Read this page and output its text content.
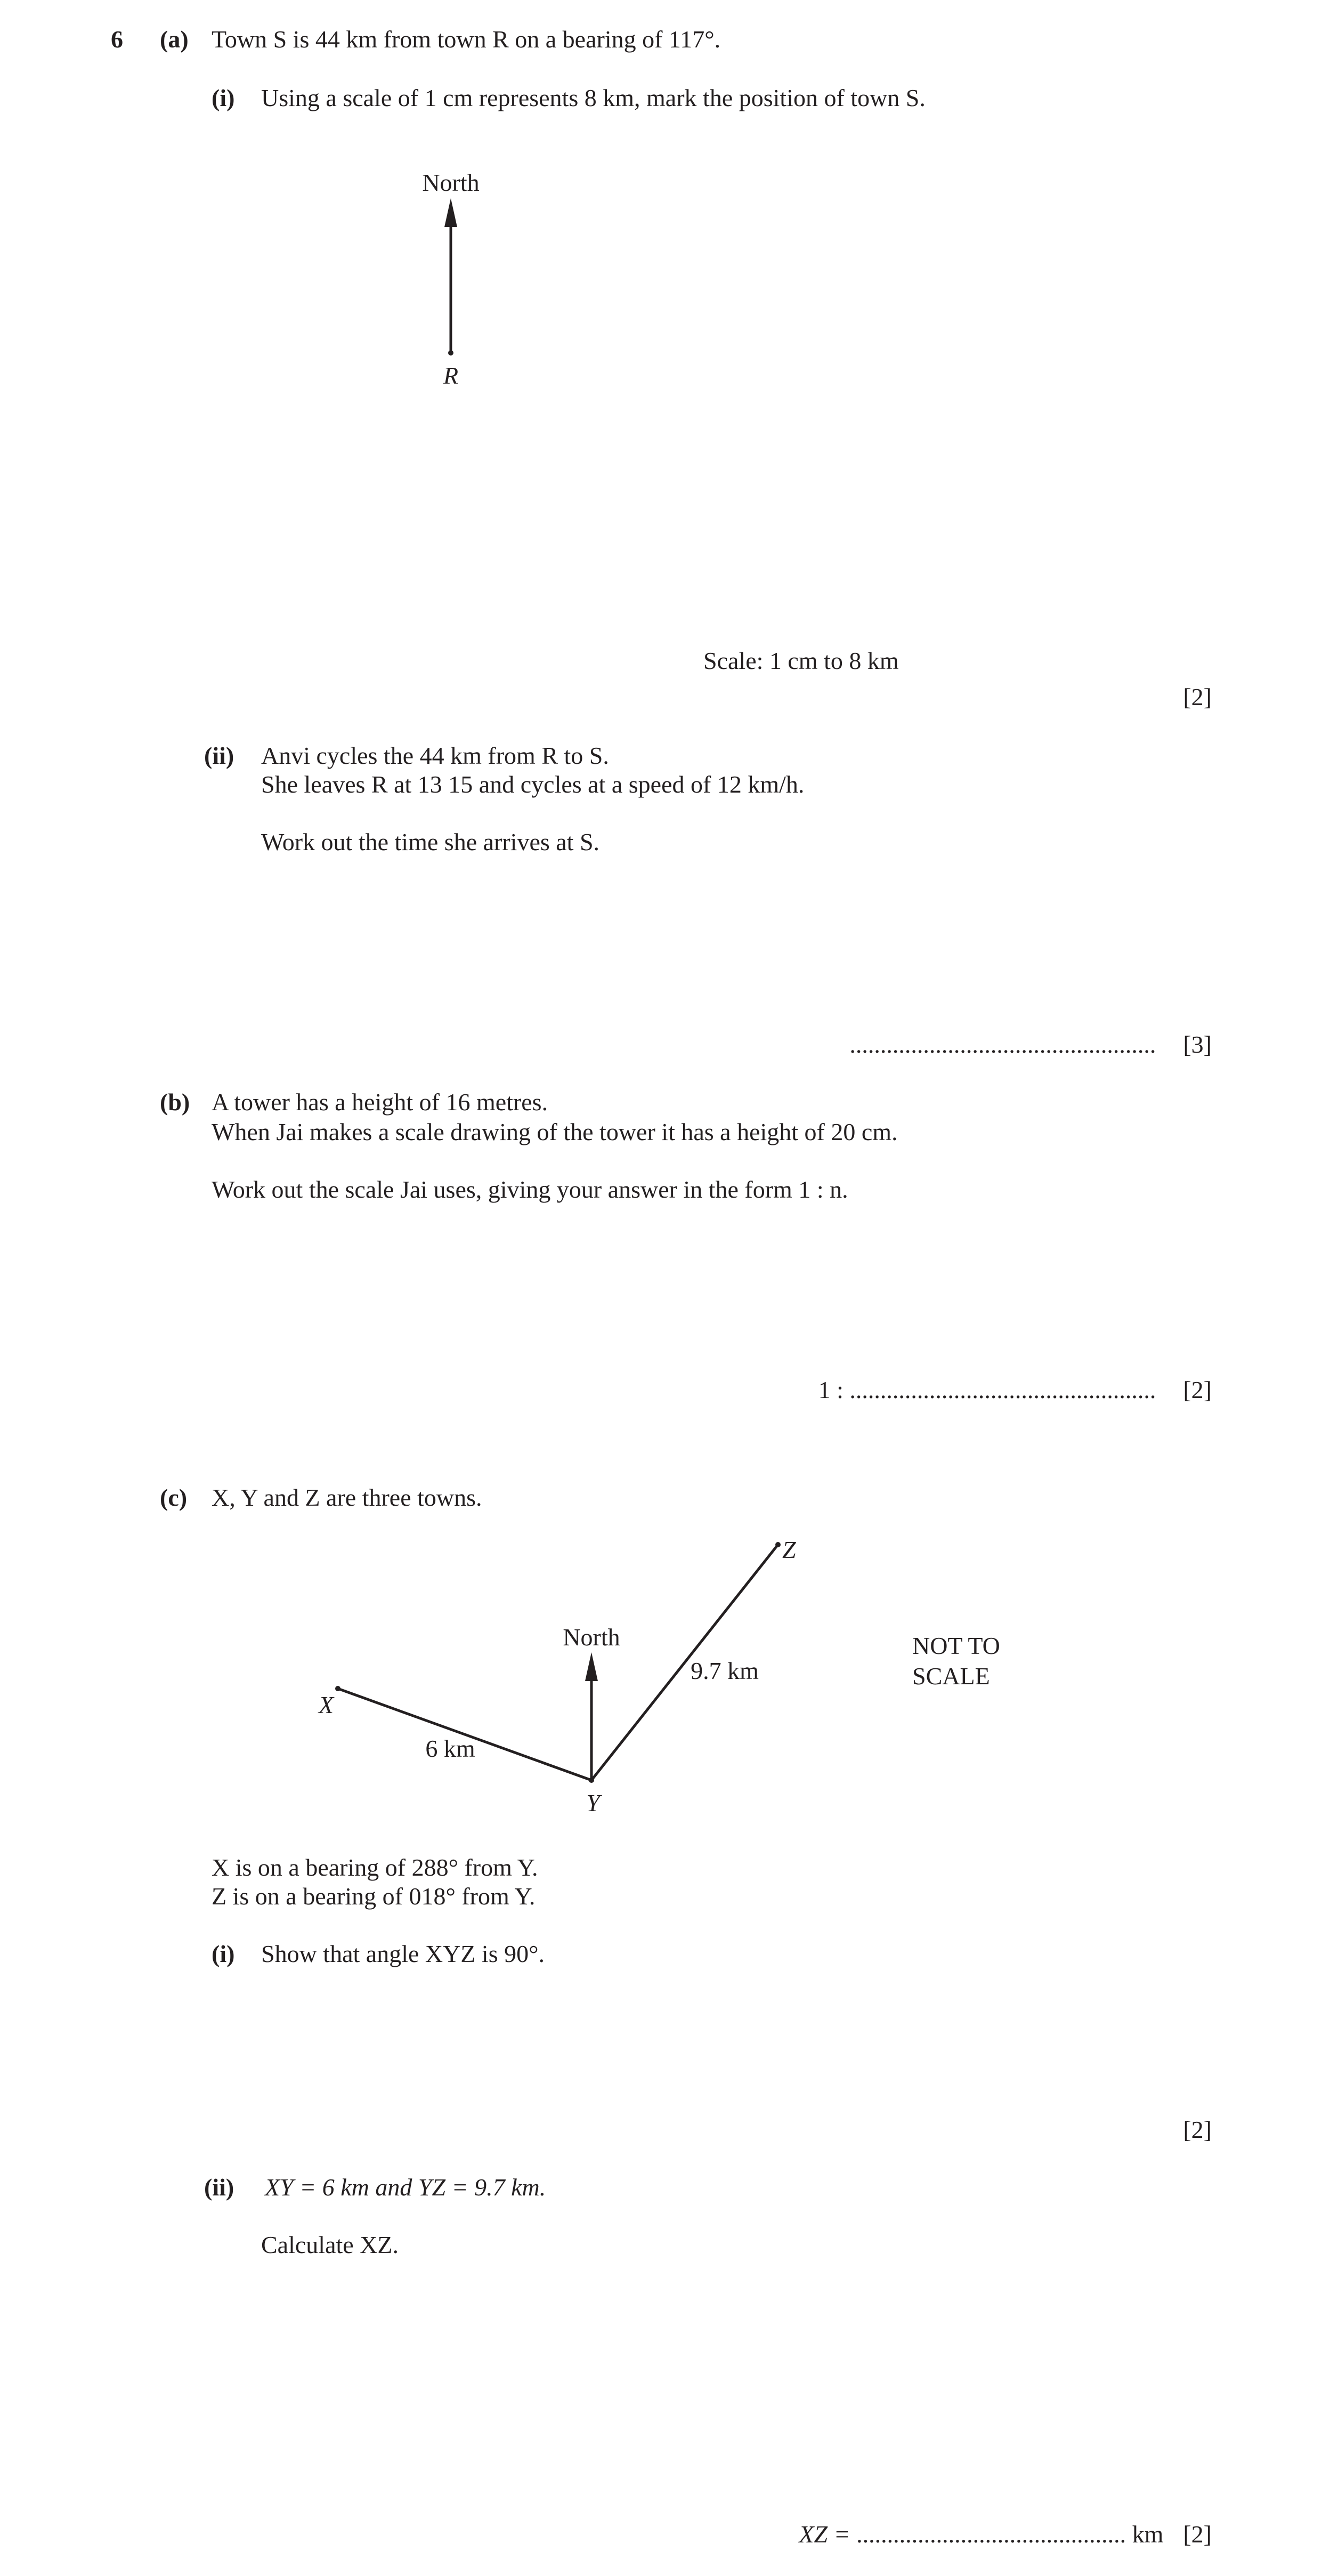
6 (a) Town S is 44 km from town R on a bearing of 117°.
(i) Using a scale of 1 cm represents 8 km, mark the position of town S.
North
R
Scale: 1 cm to 8 km
[2]
(ii) Anvi cycles the 44 km from R to S.
She leaves R at 13 15 and cycles at a speed of 12 km/h.
Work out the time she arrives at S.
.................................................. [3]
(b) A tower has a height of 16 metres.
When Jai makes a scale drawing of the tower it has a height of 20 cm.
Work out the scale Jai uses, giving your answer in the form 1 : n.
1 : .................................................. [2]
(c) X, Y and Z are three towns.
North
X
Y
Z
6 km
9.7 km
NOT TO
SCALE
X is on a bearing of 288° from Y.
Z is on a bearing of 018° from Y.
(i) Show that angle XYZ is 90°.
[2]
(ii) XY = 6 km and YZ = 9.7 km.
Calculate XZ.
XZ = ............................................ km [2]
